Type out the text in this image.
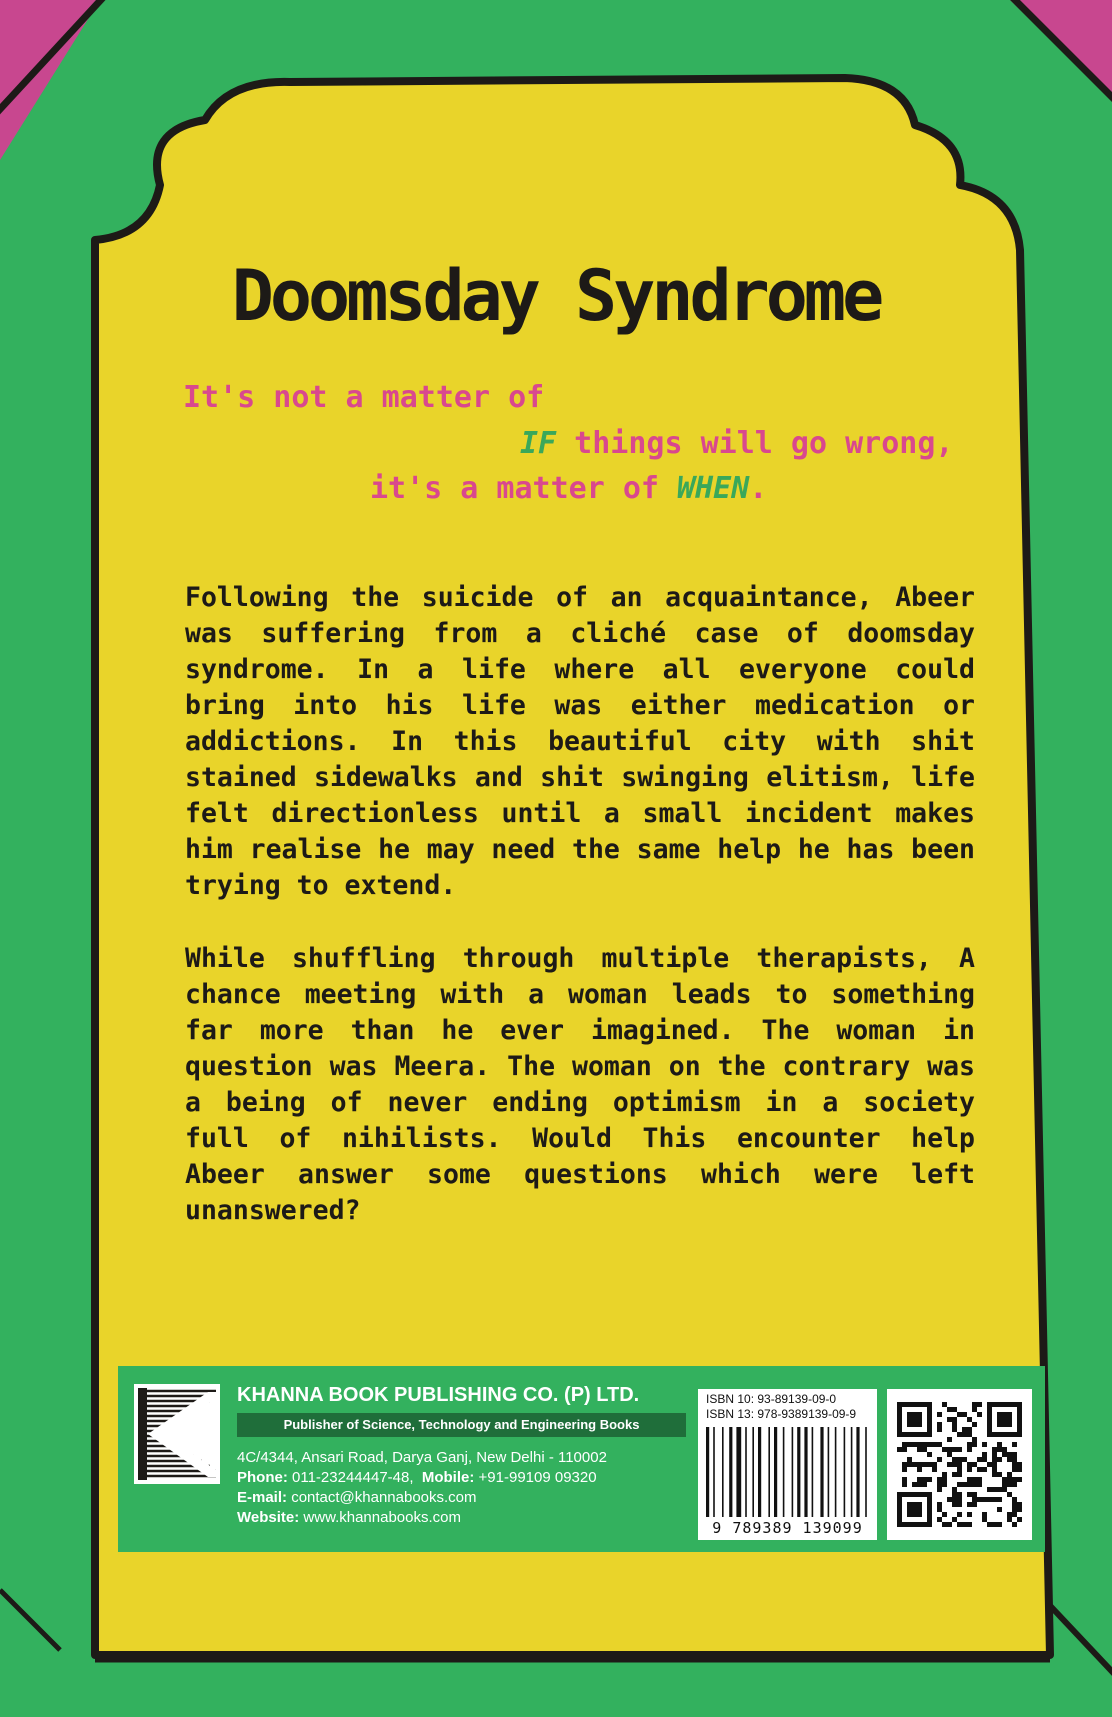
Doomsday Syndrome
It's not a matter of
IF things will go wrong,
it's a matter of WHEN.

Following the suicide of an acquaintance, Abeer was suffering from a cliché case of doomsday syndrome. In a life where all everyone could bring into his life was either medication or addictions. In this beautiful city with shit stained sidewalks and shit swinging elitism, life felt directionless until a small incident makes him realise he may need the same help he has been trying to extend.

While shuffling through multiple therapists, A chance meeting with a woman leads to something far more than he ever imagined. The woman in question was Meera. The woman on the contrary was a being of never ending optimism in a society full of nihilists. Would This encounter help Abeer answer some questions which were left unanswered?

KHANNA BOOK PUBLISHING CO. (P) LTD.
Publisher of Science, Technology and Engineering Books
4C/4344, Ansari Road, Darya Ganj, New Delhi - 110002
Phone: 011-23244447-48, Mobile: +91-99109 09320
E-mail: contact@khannabooks.com
Website: www.khannabooks.com
ISBN 10: 93-89139-09-0
ISBN 13: 978-9389139-09-9
9 789389 139099
